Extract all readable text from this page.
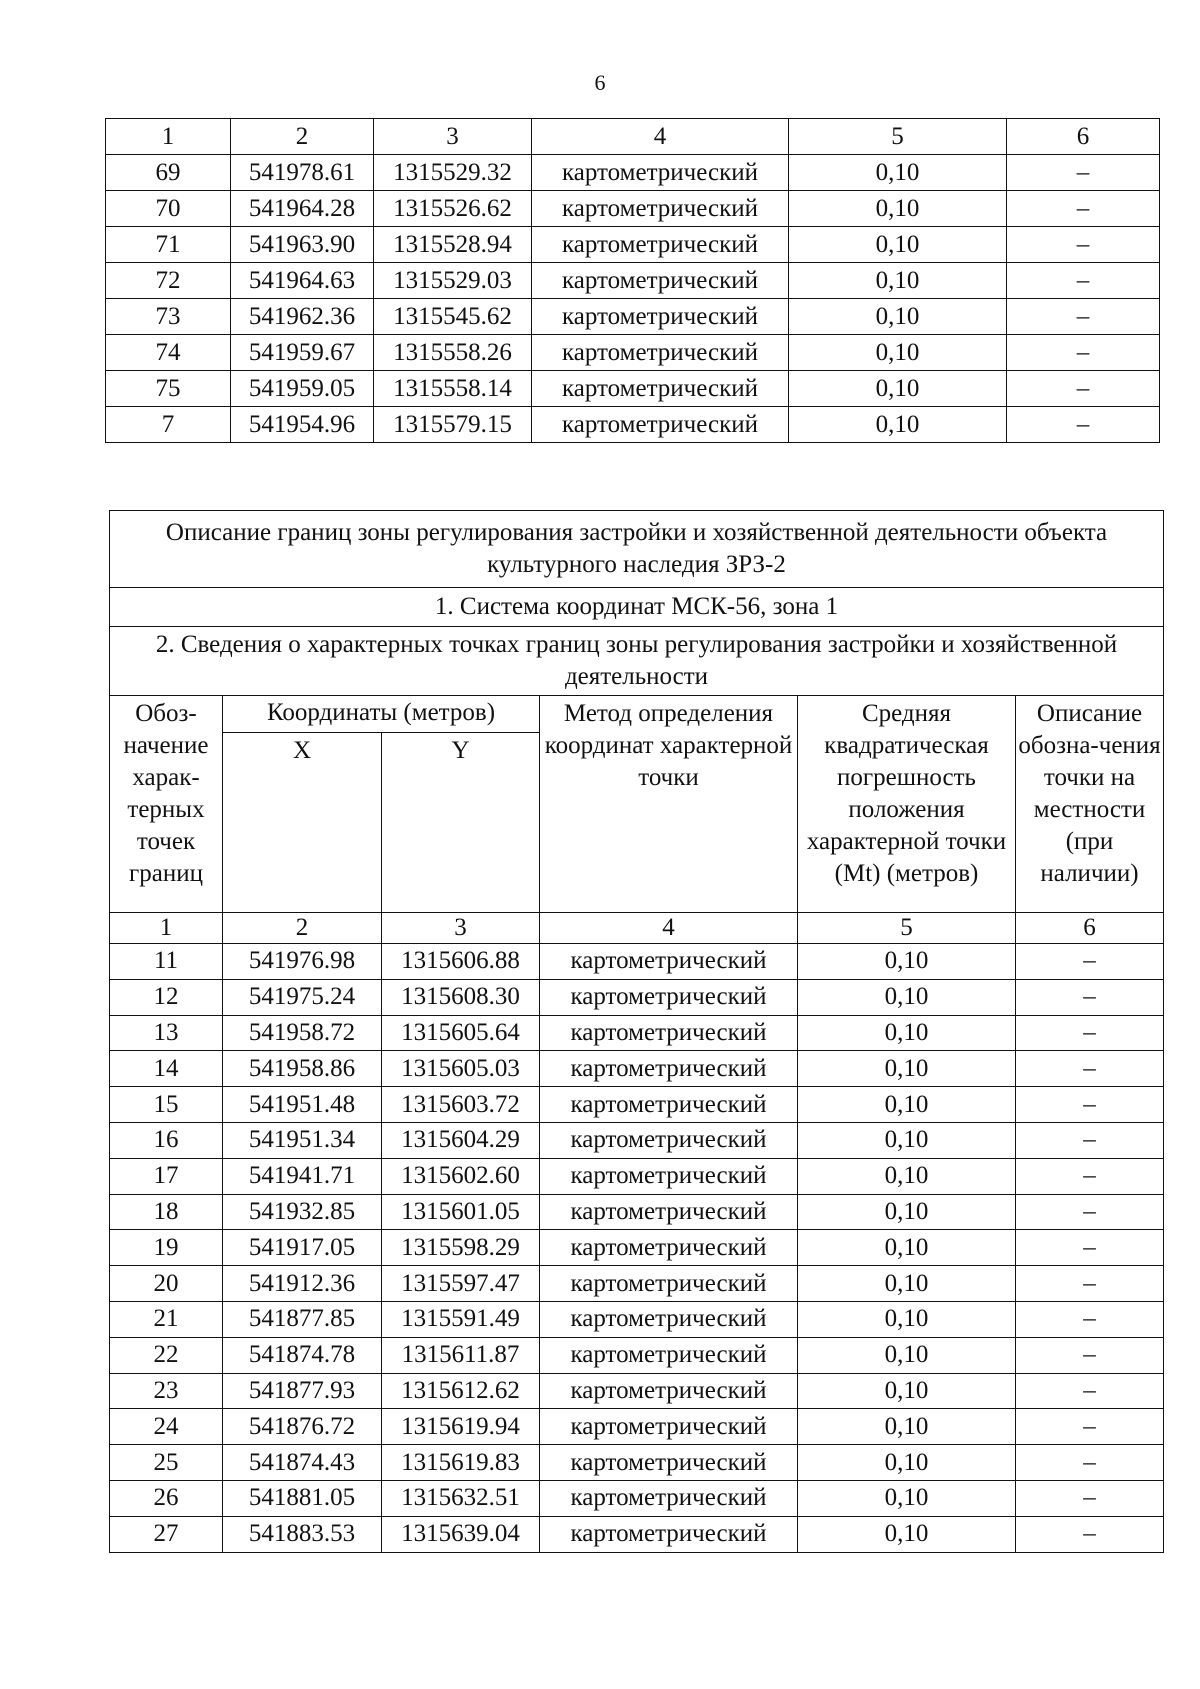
6
1	2	3	4	5	6
69	541978.61	1315529.32	картометрический	0,10	–
70	541964.28	1315526.62	картометрический	0,10	–
71	541963.90	1315528.94	картометрический	0,10	–
72	541964.63	1315529.03	картометрический	0,10	–
73	541962.36	1315545.62	картометрический	0,10	–
74	541959.67	1315558.26	картометрический	0,10	–
75	541959.05	1315558.14	картометрический	0,10	–
7	541954.96	1315579.15	картометрический	0,10	–
Описание границ зоны регулирования застройки и хозяйственной деятельности объекта культурного наследия ЗРЗ-2					
1. Система координат МСК-56, зона 1					
2. Сведения о характерных точках границ зоны регулирования застройки и хозяйственной деятельности					
Обоз-начение харак-терных точек границ	Координаты (метров)		Метод определения координат характерной точки	Средняя квадратическая погрешность положения характерной точки (Mt) (метров)	Описание обозна-чения точки на местности (при наличии)
	X	Y			
1	2	3	4	5	6
11	541976.98	1315606.88	картометрический	0,10	–
12	541975.24	1315608.30	картометрический	0,10	–
13	541958.72	1315605.64	картометрический	0,10	–
14	541958.86	1315605.03	картометрический	0,10	–
15	541951.48	1315603.72	картометрический	0,10	–
16	541951.34	1315604.29	картометрический	0,10	–
17	541941.71	1315602.60	картометрический	0,10	–
18	541932.85	1315601.05	картометрический	0,10	–
19	541917.05	1315598.29	картометрический	0,10	–
20	541912.36	1315597.47	картометрический	0,10	–
21	541877.85	1315591.49	картометрический	0,10	–
22	541874.78	1315611.87	картометрический	0,10	–
23	541877.93	1315612.62	картометрический	0,10	–
24	541876.72	1315619.94	картометрический	0,10	–
25	541874.43	1315619.83	картометрический	0,10	–
26	541881.05	1315632.51	картометрический	0,10	–
27	541883.53	1315639.04	картометрический	0,10	–
